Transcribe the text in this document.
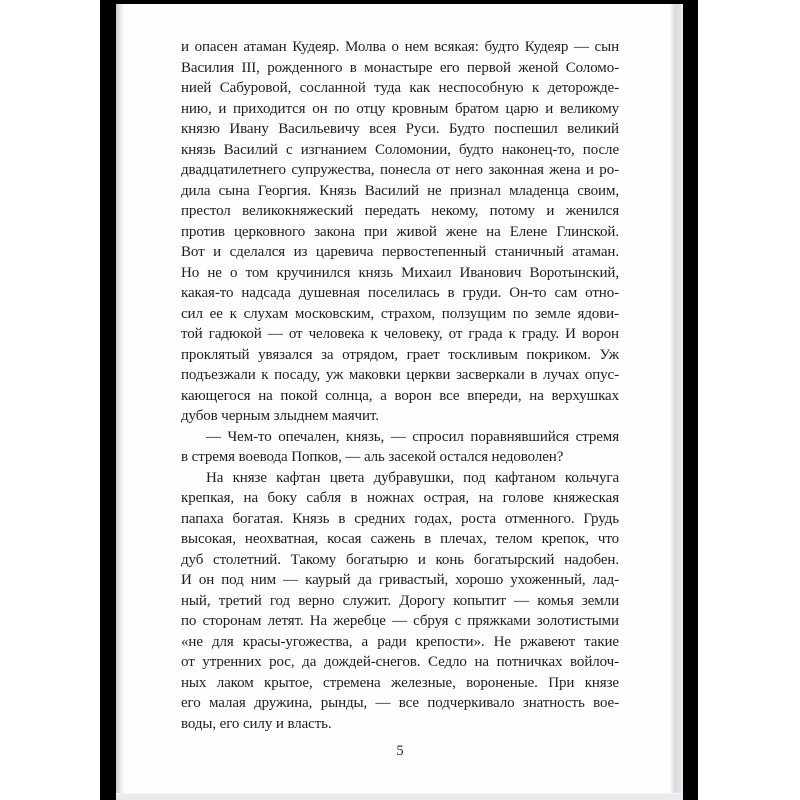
и опасен атаман Кудеяр. Молва о нем всякая: будто Кудеяр — сын
Василия III, рожденного в монастыре его первой женой Соломо-
нией Сабуровой, сосланной туда как неспособную к деторожде-
нию, и приходится он по отцу кровным братом царю и великому
князю Ивану Васильевичу всея Руси. Будто поспешил великий
князь Василий с изгнанием Соломонии, будто наконец-то, после
двадцатилетнего супружества, понесла от него законная жена и ро-
дила сына Георгия. Князь Василий не признал младенца своим,
престол великокняжеский передать некому, потому и женился
против церковного закона при живой жене на Елене Глинской.
Вот и сделался из царевича первостепенный станичный атаман.
Но не о том кручинился князь Михаил Иванович Воротынский,
какая-то надсада душевная поселилась в груди. Он-то сам отно-
сил ее к слухам московским, страхом, ползущим по земле ядови-
той гадюкой — от человека к человеку, от града к граду. И ворон
проклятый увязался за отрядом, грает тоскливым покриком. Уж
подъезжали к посаду, уж маковки церкви засверкали в лучах опус-
кающегося на покой солнца, а ворон все впереди, на верхушках
дубов черным злыднем маячит.

— Чем-то опечален, князь, — спросил поравнявшийся стремя
в стремя воевода Попков, — аль засекой остался недоволен?

На князе кафтан цвета дубравушки, под кафтаном кольчуга
крепкая, на боку сабля в ножнах острая, на голове княжеская
папаха богатая. Князь в средних годах, роста отменного. Грудь
высокая, неохватная, косая сажень в плечах, телом крепок, что
дуб столетний. Такому богатырю и конь богатырский надобен.
И он под ним — каурый да гривастый, хорошо ухоженный, лад-
ный, третий год верно служит. Дорогу копытит — комья земли
по сторонам летят. На жеребце — сбруя с пряжками золотистыми
«не для красы-угожества, а ради крепости». Не ржавеют такие
от утренних рос, да дождей-снегов. Седло на потничках войлоч-
ных лаком крытое, стремена железные, вороненые. При князе
его малая дружина, рынды, — все подчеркивало знатность вое-
воды, его силу и власть.

5
